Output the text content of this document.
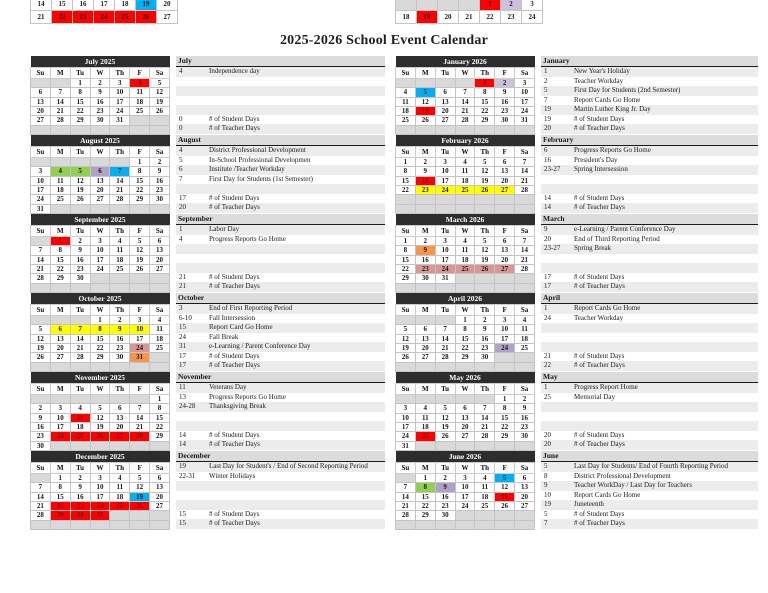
14	15	16	17	18	19	20
21	22	23	24	25	26	27
				1	2	3
18	19	20	21	22	23	24
2025-2026 School Event Calendar
July 2025						
Su	M	Tu	W	Th	F	Sa
		1	2	3	4	5
6	7	8	9	10	11	12
13	14	15	16	17	18	19
20	21	22	23	24	25	26
27	28	29	30	31		

July
4	Independence day
0	# of Student Days
0	# of Teacher Days
August 2025						
Su	M	Tu	W	Th	F	Sa
					1	2
3	4	5	6	7	8	9
10	11	12	13	14	15	16
17	18	19	20	21	22	23
24	25	26	27	28	29	30
31						
August
4	District Professional Development
5	In-School Professional Developmen
6	Institute /Teacher Workday
7	First Day for Students (1st Semester)
17	# of Student Days
20	# of Teacher Days
September 2025						
Su	M	Tu	W	Th	F	Sa
	1	2	3	4	5	6
7	8	9	10	11	12	13
14	15	16	17	18	19	20
21	22	23	24	25	26	27
28	29	30				

September
1	Labor Day
4	Progress Reports Go Home
21	# of Student Days
21	# of Teacher Days
October 2025						
Su	M	Tu	W	Th	F	Sa
			1	2	3	4
5	6	7	8	9	10	11
12	13	14	15	16	17	18
19	20	21	22	23	24	25
26	27	28	29	30	31	

October
3	End of First Reporting Period
6-10	Fall Intersession
15	Report Card Go Home
24	Fall Break
31	e-Learning / Parent Conference Day
17	# of Student Days
17	# of Teacher Days
November 2025						
Su	M	Tu	W	Th	F	Sa
						1
2	3	4	5	6	7	8
9	10	11	12	13	14	15
16	17	18	19	20	21	22
23	24	25	26	27	28	29
30						
November
11	Veterans Day
13	Progress Reports Go Home
24-28	Thanksgiving Break
14	# of Student Days
14	# of Teacher Days
December 2025						
Su	M	Tu	W	Th	F	Sa
	1	2	3	4	5	6
7	8	9	10	11	12	13
14	15	16	17	18	19	20
21	22	23	24	25	26	27
28	29	30	31			

December
19	Last Day for Student's / End of Second Reporting Period
22-31	Winter Holidays
15	# of Student Days
15	# of Teacher Days
January 2026						
Su	M	Tu	W	Th	F	Sa
				1	2	3
4	5	6	7	8	9	10
11	12	13	14	15	16	17
18	19	20	21	22	23	24
25	26	27	28	29	30	31

January
1	New Year's Holiday
2	Teacher Workday
5	First Day for Students (2nd Semester)
7	Report Cards Go Home
19	Martin Luther King Jr. Day
19	# of Student Days
20	# of Teacher Days
February 2026						
Su	M	Tu	W	Th	F	Sa
1	2	3	4	5	6	7
8	9	10	11	12	13	14
15	16	17	18	19	20	21
22	23	24	25	26	27	28

February
6	Progress Reports Go Home
16	President's Day
23-27	Spring Intersession
14	# of Student Days
14	# of Teacher Days
March 2026						
Su	M	Tu	W	Th	F	Sa
1	2	3	4	5	6	7
8	9	10	11	12	13	14
15	16	17	18	19	20	21
22	23	24	25	26	27	28
29	30	31				

March
9	e-Learning / Parent Conference Day
20	End of Third Reporting Period
23-27	Spring Break
17	# of Student Days
17	# of Teacher Days
April 2026						
Su	M	Tu	W	Th	F	Sa
			1	2	3	4
5	6	7	8	9	10	11
12	13	14	15	16	17	18
19	20	21	22	23	24	25
26	27	28	29	30		

April
1	Report Cards Go Home
24	Teacher Workday
21	# of Student Days
22	# of Teacher Days
May 2026						
Su	M	Tu	W	Th	F	Sa
					1	2
3	4	5	6	7	8	9
10	11	12	13	14	15	16
17	18	19	20	21	22	23
24	25	26	27	28	29	30
31						
May
1	Progress Report Home
25	Memorial Day
20	# of Student Days
20	# of Teacher Days
June 2026						
Su	M	Tu	W	Th	F	Sa
	1	2	3	4	5	6
7	8	9	10	11	12	13
14	15	16	17	18	19	20
21	22	23	24	25	26	27
28	29	30				

June
5	Last Day for Students/ End of Fourth Reporting Period
8	District Professional Development
9	Teacher WorkDay / Last Day for Teachers
10	Report Cards Go Home
19	Juneteenth
5	# of Student Days
7	# of Teacher Days
